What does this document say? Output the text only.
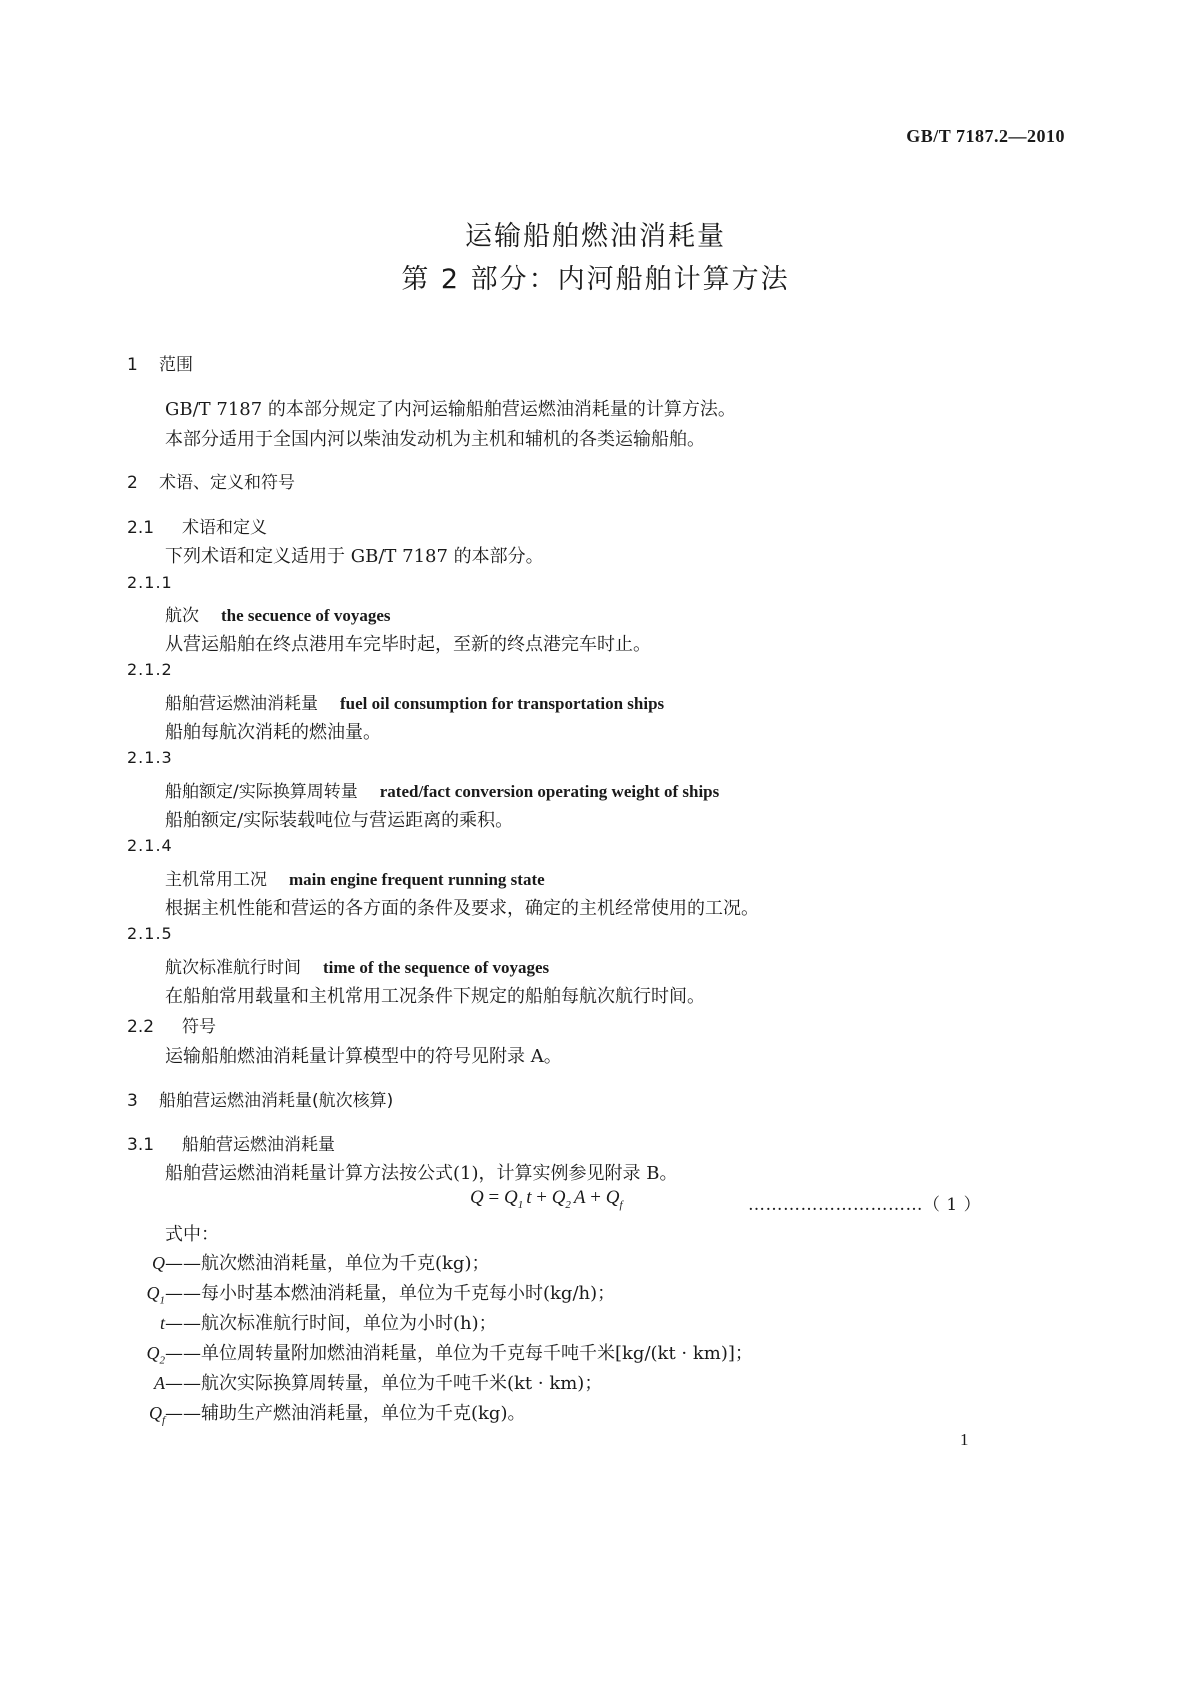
GB/T 7187.2—2010
运输船舶燃油消耗量
第 2 部分：内河船舶计算方法
1 范围
GB/T 7187 的本部分规定了内河运输船舶营运燃油消耗量的计算方法。
本部分适用于全国内河以柴油发动机为主机和辅机的各类运输船舶。
2 术语、定义和符号
2.1 术语和定义
下列术语和定义适用于 GB/T 7187 的本部分。
2.1.1
航次 the secuence of voyages
从营运船舶在终点港用车完毕时起，至新的终点港完车时止。
2.1.2
船舶营运燃油消耗量 fuel oil consumption for transportation ships
船舶每航次消耗的燃油量。
2.1.3
船舶额定/实际换算周转量 rated/fact conversion operating weight of ships
船舶额定/实际装载吨位与营运距离的乘积。
2.1.4
主机常用工况 main engine frequent running state
根据主机性能和营运的各方面的条件及要求，确定的主机经常使用的工况。
2.1.5
航次标准航行时间 time of the sequence of voyages
在船舶常用载量和主机常用工况条件下规定的船舶每航次航行时间。
2.2 符号
运输船舶燃油消耗量计算模型中的符号见附录 A。
3 船舶营运燃油消耗量(航次核算)
3.1 船舶营运燃油消耗量
船舶营运燃油消耗量计算方法按公式(1)，计算实例参见附录 B。
$Q = Q_1$ $t + Q_2$ $A + Q_f$	…………………………（ 1 ）
式中：
Q——航次燃油消耗量，单位为千克(kg)；
$Q_1——$每小时基本燃油消耗量，单位为千克每小时(kg/h)；
t——航次标准航行时间，单位为小时(h)；
$Q_2——$单位周转量附加燃油消耗量，单位为千克每千吨千米[kg/(kt · km)]；
A——航次实际换算周转量，单位为千吨千米(kt · km)；
$Q_f——$辅助生产燃油消耗量，单位为千克(kg)。
1
